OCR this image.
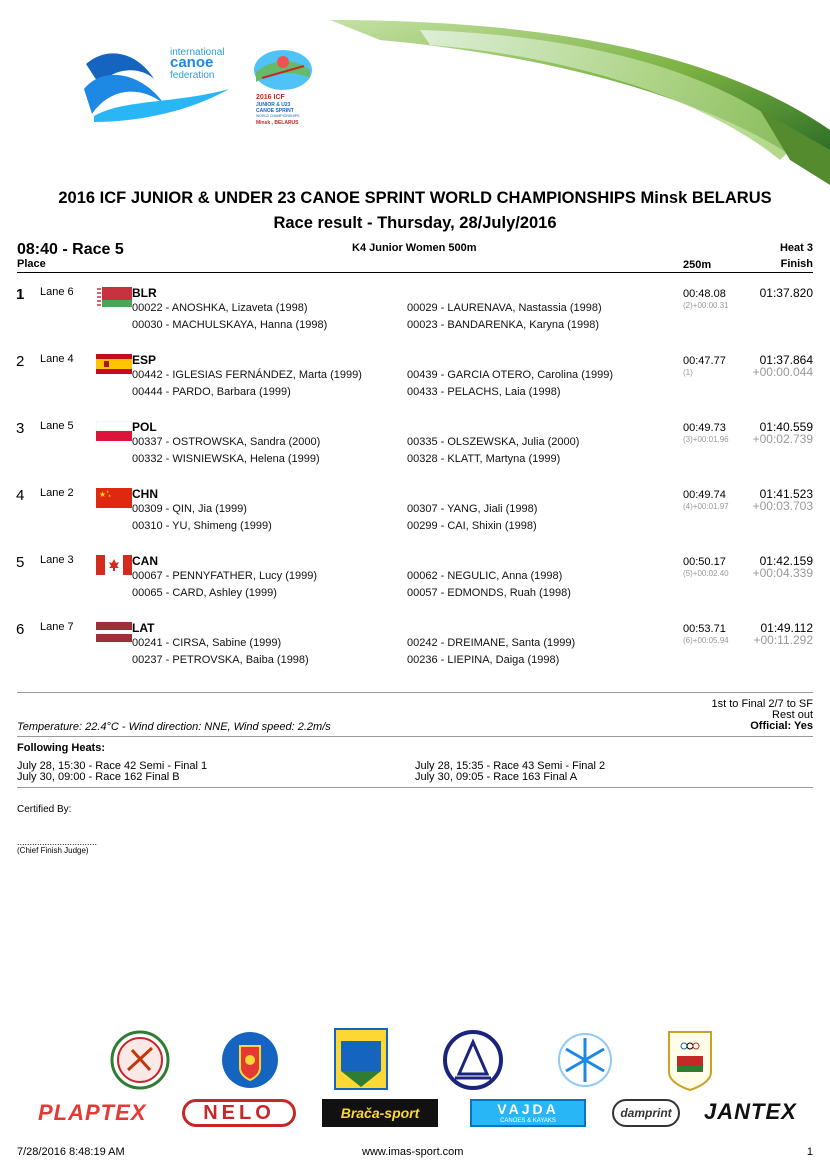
international
canoe
federation
2016 ICF
JUNIOR & U23
CANOE SPRINT
WORLD CHAMPIONSHIPS
Minsk , BELARUS
2016 ICF JUNIOR & UNDER 23 CANOE SPRINT WORLD CHAMPIONSHIPS Minsk BELARUS
Race result - Thursday, 28/July/2016
08:40 - Race 5	K4 Junior Women 500m	Heat 3
Place	250m	Finish
1 Lane 6	BLR
00022 - ANOSHKA, Lizaveta (1998)	00029 - LAURENAVA, Nastassia (1998)
00030 - MACHULSKAYA, Hanna (1998)	00023 - BANDARENKA, Karyna (1998)
00:48.08
(2)+00:00.31
01:37.820
2 Lane 4	ESP
00442 - IGLESIAS FERNÁNDEZ, Marta (1999)	00439 - GARCIA OTERO, Carolina (1999)
00444 - PARDO, Barbara (1999)	00433 - PELACHS, Laia (1998)
00:47.77
(1)
01:37.864
+00:00.044
3 Lane 5	POL
00337 - OSTROWSKA, Sandra (2000)	00335 - OLSZEWSKA, Julia (2000)
00332 - WISNIEWSKA, Helena (1999)	00328 - KLATT, Martyna (1999)
00:49.73
(3)+00:01.96
01:40.559
+00:02.739
4 Lane 2	★ ★
★ CHN
00309 - QIN, Jia (1999)	00307 - YANG, Jiali (1998)
00310 - YU, Shimeng (1999)	00299 - CAI, Shixin (1998)
00:49.74
(4)+00:01.97
01:41.523
+00:03.703
5 Lane 3	CAN
00067 - PENNYFATHER, Lucy (1999)	00062 - NEGULIC, Anna (1998)
00065 - CARD, Ashley (1999)	00057 - EDMONDS, Ruah (1998)
00:50.17
(5)+00:02.40
01:42.159
+00:04.339
6 Lane 7	LAT
00241 - CIRSA, Sabine (1999)	00242 - DREIMANE, Santa (1999)
00237 - PETROVSKA, Baiba (1998)	00236 - LIEPINA, Daiga (1998)
00:53.71
(6)+00:05.94
01:49.112
+00:11.292
1st to Final 2/7 to SF
Rest out
Official: Yes
Temperature: 22.4°C - Wind direction: NNE, Wind speed: 2.2m/s
Following Heats:
July 28, 15:30 - Race 42 Semi - Final 1
July 30, 09:00 - Race 162 Final B
July 28, 15:35 - Race 43 Semi - Final 2
July 30, 09:05 - Race 163 Final A
Certified By:
................................
(Chief Finish Judge)
PLAPTEX	NELO	Brača-sport	VAJDA
CANOES & KAYAKS
damprint	JANTEX
7/28/2016 8:48:19 AM	www.imas-sport.com	1
